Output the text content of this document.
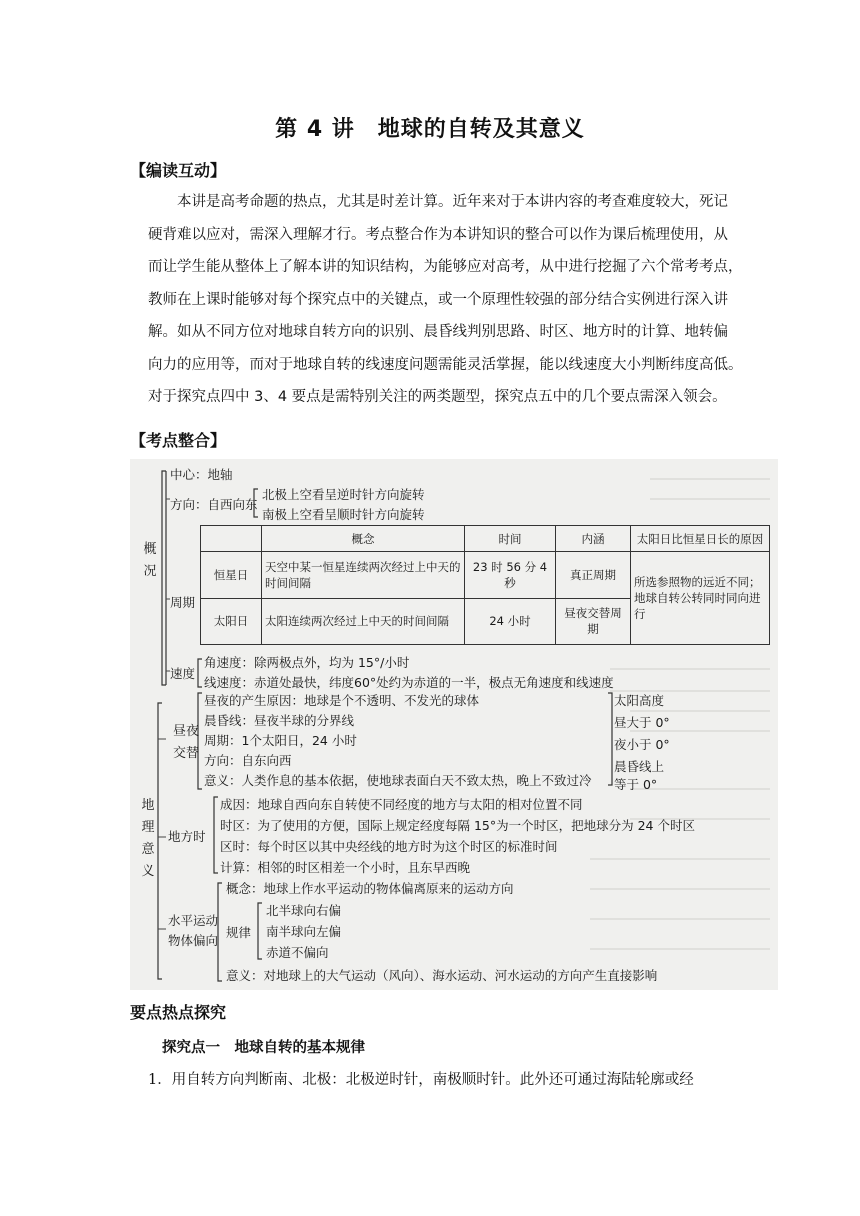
第 4 讲　地球的自转及其意义
【编读互动】

本讲是高考命题的热点，尤其是时差计算。近年来对于本讲内容的考查难度较大，死记

硬背难以应对，需深入理解才行。考点整合作为本讲知识的整合可以作为课后梳理使用，从

而让学生能从整体上了解本讲的知识结构，为能够应对高考，从中进行挖掘了六个常考考点，

教师在上课时能够对每个探究点中的关键点，或一个原理性较强的部分结合实例进行深入讲

解。如从不同方位对地球自转方向的识别、晨昏线判别思路、时区、地方时的计算、地转偏

向力的应用等，而对于地球自转的线速度问题需能灵活掌握，能以线速度大小判断纬度高低。

对于探究点四中 3、4 要点是需特别关注的两类题型，探究点五中的几个要点需深入领会。

【考点整合】
概况
中心：地轴
方向：自西向东
北极上空看呈逆时针方向旋转
南极上空看呈顺时针方向旋转
周期
	概念	时间	内涵	太阳日比恒星日长的原因
恒星日	天空中某一恒星连续两次经过上中天的时间间隔	23 时 56 分 4 秒	真正周期	所选参照物的远近不同；地球自转公转同时同向进行
太阳日	太阳连续两次经过上中天的时间间隔	24 小时	昼夜交替周期	
速度
角速度：除两极点外，均为 15°/小时
线速度：赤道处最快，纬度60°处约为赤道的一半，极点无角速度和线速度
地理意义
昼夜交替
昼夜的产生原因：地球是个不透明、不发光的球体
晨昏线：昼夜半球的分界线
周期：1个太阳日，24 小时
方向：自东向西
意义：人类作息的基本依据，使地球表面白天不致太热，晚上不致过冷
太阳高度
昼大于 0°
夜小于 0°
晨昏线上
等于 0°
地方时
成因：地球自西向东自转使不同经度的地方与太阳的相对位置不同
时区：为了使用的方便，国际上规定经度每隔 15°为一个时区，把地球分为 24 个时区
区时：每个时区以其中央经线的地方时为这个时区的标准时间
计算：相邻的时区相差一个小时，且东早西晚
水平运动
物体偏向
概念：地球上作水平运动的物体偏离原来的运动方向
规律
北半球向右偏
南半球向左偏
赤道不偏向
意义：对地球上的大气运动（风向）、海水运动、河水运动的方向产生直接影响
要点热点探究
探究点一　地球自转的基本规律
1．用自转方向判断南、北极：北极逆时针，南极顺时针。此外还可通过海陆轮廓或经
